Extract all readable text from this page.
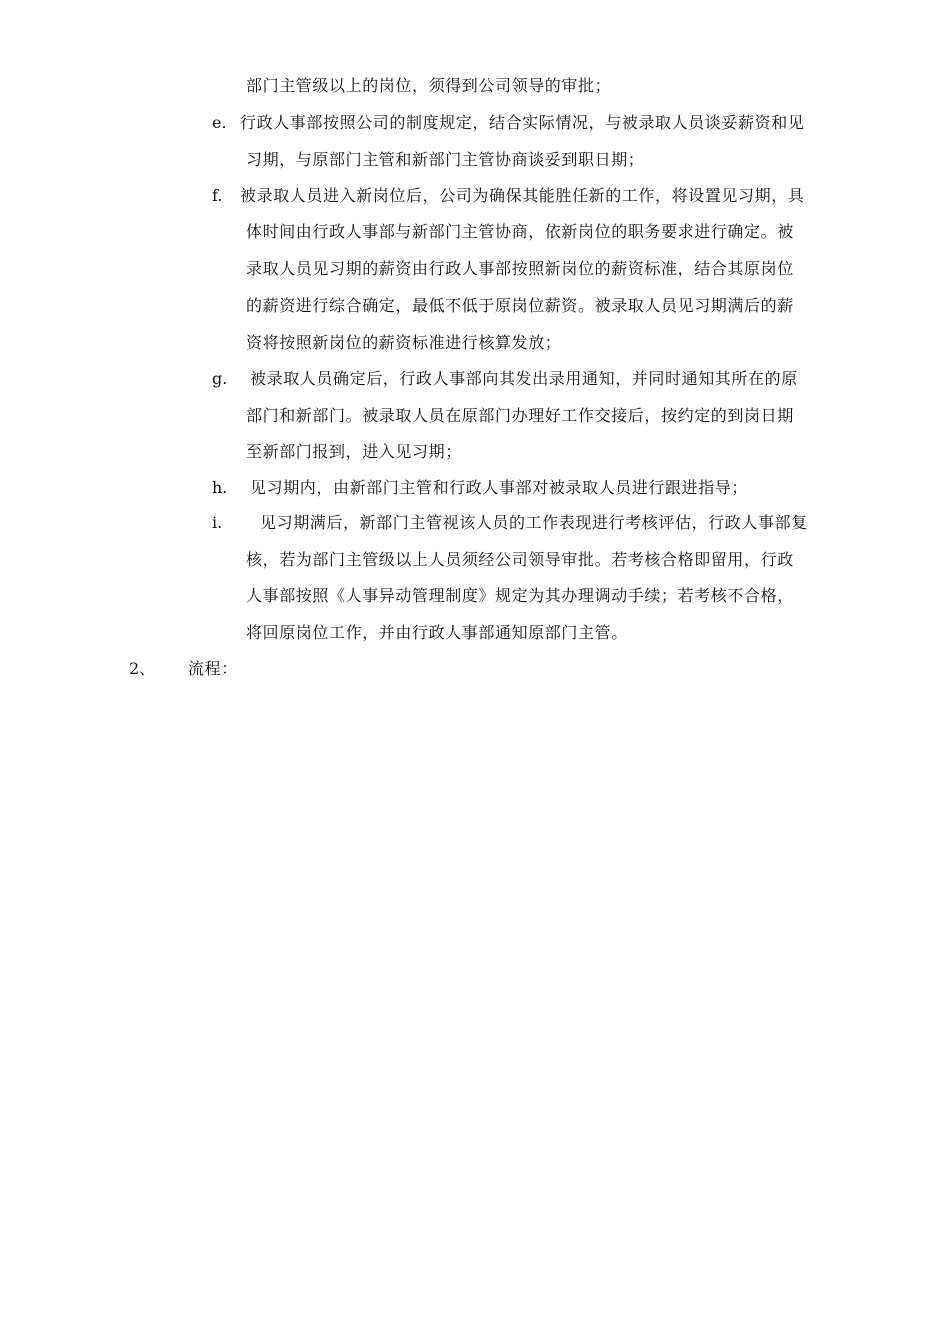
部门主管级以上的岗位，须得到公司领导的审批；
e. 行政人事部按照公司的制度规定，结合实际情况，与被录取人员谈妥薪资和见
习期，与原部门主管和新部门主管协商谈妥到职日期；
f. 被录取人员进入新岗位后，公司为确保其能胜任新的工作，将设置见习期，具
体时间由行政人事部与新部门主管协商，依新岗位的职务要求进行确定。被
录取人员见习期的薪资由行政人事部按照新岗位的薪资标准，结合其原岗位
的薪资进行综合确定，最低不低于原岗位薪资。被录取人员见习期满后的薪
资将按照新岗位的薪资标准进行核算发放；
g. 被录取人员确定后，行政人事部向其发出录用通知，并同时通知其所在的原
部门和新部门。被录取人员在原部门办理好工作交接后，按约定的到岗日期
至新部门报到，进入见习期；
h. 见习期内，由新部门主管和行政人事部对被录取人员进行跟进指导；
i. 见习期满后，新部门主管视该人员的工作表现进行考核评估，行政人事部复
核，若为部门主管级以上人员须经公司领导审批。若考核合格即留用，行政
人事部按照《人事异动管理制度》规定为其办理调动手续；若考核不合格，
将回原岗位工作，并由行政人事部通知原部门主管。
2、 流程：
